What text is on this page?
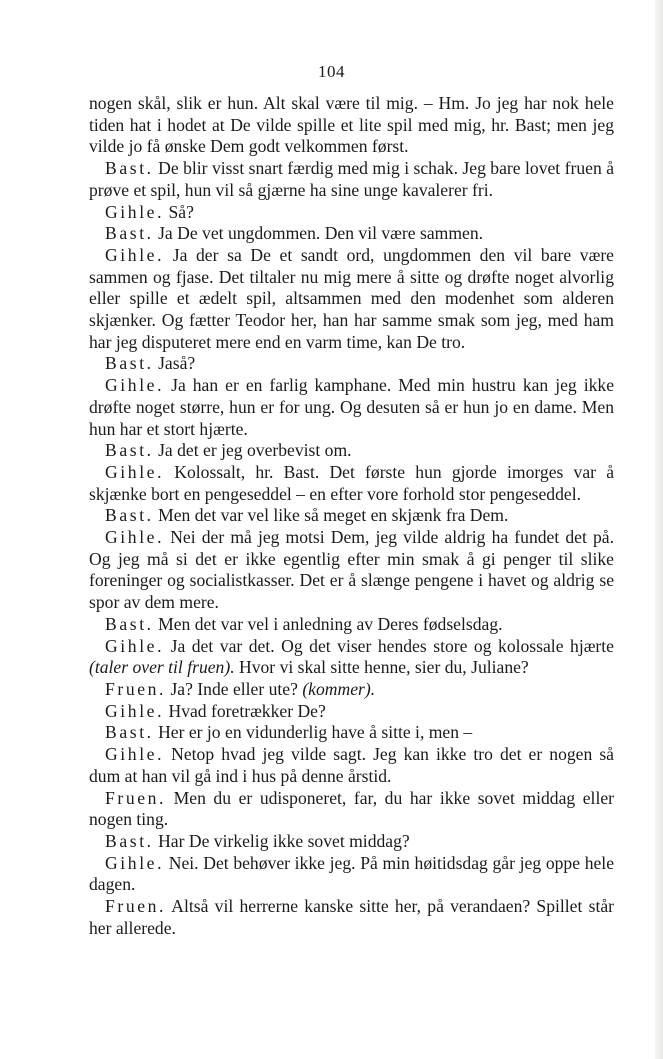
104

nogen skål, slik er hun. Alt skal være til mig. – Hm. Jo jeg har nok hele tiden hat i hodet at De vilde spille et lite spil med mig, hr. Bast; men jeg vilde jo få ønske Dem godt velkommen først.

Bast. De blir visst snart færdig med mig i schak. Jeg bare lovet fruen å prøve et spil, hun vil så gjærne ha sine unge kavalerer fri.

Gihle. Så?

Bast. Ja De vet ungdommen. Den vil være sammen.

Gihle. Ja der sa De et sandt ord, ungdommen den vil bare være sammen og fjase. Det tiltaler nu mig mere å sitte og drøfte noget alvorlig eller spille et ædelt spil, altsammen med den modenhet som alderen skjænker. Og fætter Teodor her, han har samme smak som jeg, med ham har jeg disputeret mere end en varm time, kan De tro.

Bast. Jaså?

Gihle. Ja han er en farlig kamphane. Med min hustru kan jeg ikke drøfte noget større, hun er for ung. Og desuten så er hun jo en dame. Men hun har et stort hjærte.

Bast. Ja det er jeg overbevist om.

Gihle. Kolossalt, hr. Bast. Det første hun gjorde imorges var å skjænke bort en pengeseddel – en efter vore forhold stor pengeseddel.

Bast. Men det var vel like så meget en skjænk fra Dem.

Gihle. Nei der må jeg motsi Dem, jeg vilde aldrig ha fundet det på. Og jeg må si det er ikke egentlig efter min smak å gi penger til slike foreninger og socialistkasser. Det er å slænge pengene i havet og aldrig se spor av dem mere.

Bast. Men det var vel i anledning av Deres fødselsdag.

Gihle. Ja det var det. Og det viser hendes store og kolossale hjærte (taler over til fruen). Hvor vi skal sitte henne, sier du, Juliane?

Fruen. Ja? Inde eller ute? (kommer).

Gihle. Hvad foretrækker De?

Bast. Her er jo en vidunderlig have å sitte i, men –

Gihle. Netop hvad jeg vilde sagt. Jeg kan ikke tro det er nogen så dum at han vil gå ind i hus på denne årstid.

Fruen. Men du er udisponeret, far, du har ikke sovet middag eller nogen ting.

Bast. Har De virkelig ikke sovet middag?

Gihle. Nei. Det behøver ikke jeg. På min høitidsdag går jeg oppe hele dagen.

Fruen. Altså vil herrerne kanske sitte her, på verandaen? Spillet står her allerede.
